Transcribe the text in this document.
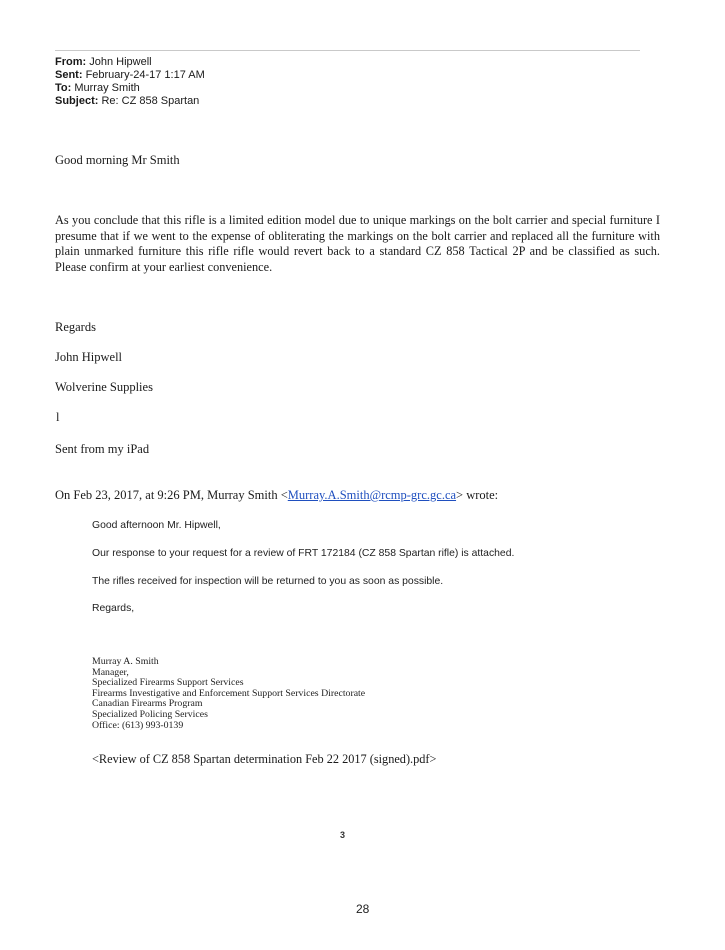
From: John Hipwell
Sent: February-24-17 1:17 AM
To: Murray Smith
Subject: Re: CZ 858 Spartan
Good morning Mr Smith
As you conclude that this rifle is a limited edition model due to unique markings on the bolt carrier and special furniture I presume that if we went to the expense of obliterating the markings on the bolt carrier and replaced all the furniture with plain unmarked furniture this rifle rifle would revert back to a standard CZ 858 Tactical 2P and be classified as such. Please confirm at your earliest convenience.
Regards
John Hipwell
Wolverine Supplies
l
Sent from my iPad
On Feb 23, 2017, at 9:26 PM, Murray Smith <Murray.A.Smith@rcmp-grc.gc.ca> wrote:
Good afternoon Mr. Hipwell,
Our response to your request for a review of FRT 172184 (CZ 858 Spartan rifle) is attached.
The rifles received for inspection will be returned to you as soon as possible.
Regards,
Murray A. Smith
Manager,
Specialized Firearms Support Services
Firearms Investigative and Enforcement Support Services Directorate
Canadian Firearms Program
Specialized Policing Services
Office: (613) 993-0139
<Review of CZ 858 Spartan determination Feb 22 2017 (signed).pdf>
3
28
